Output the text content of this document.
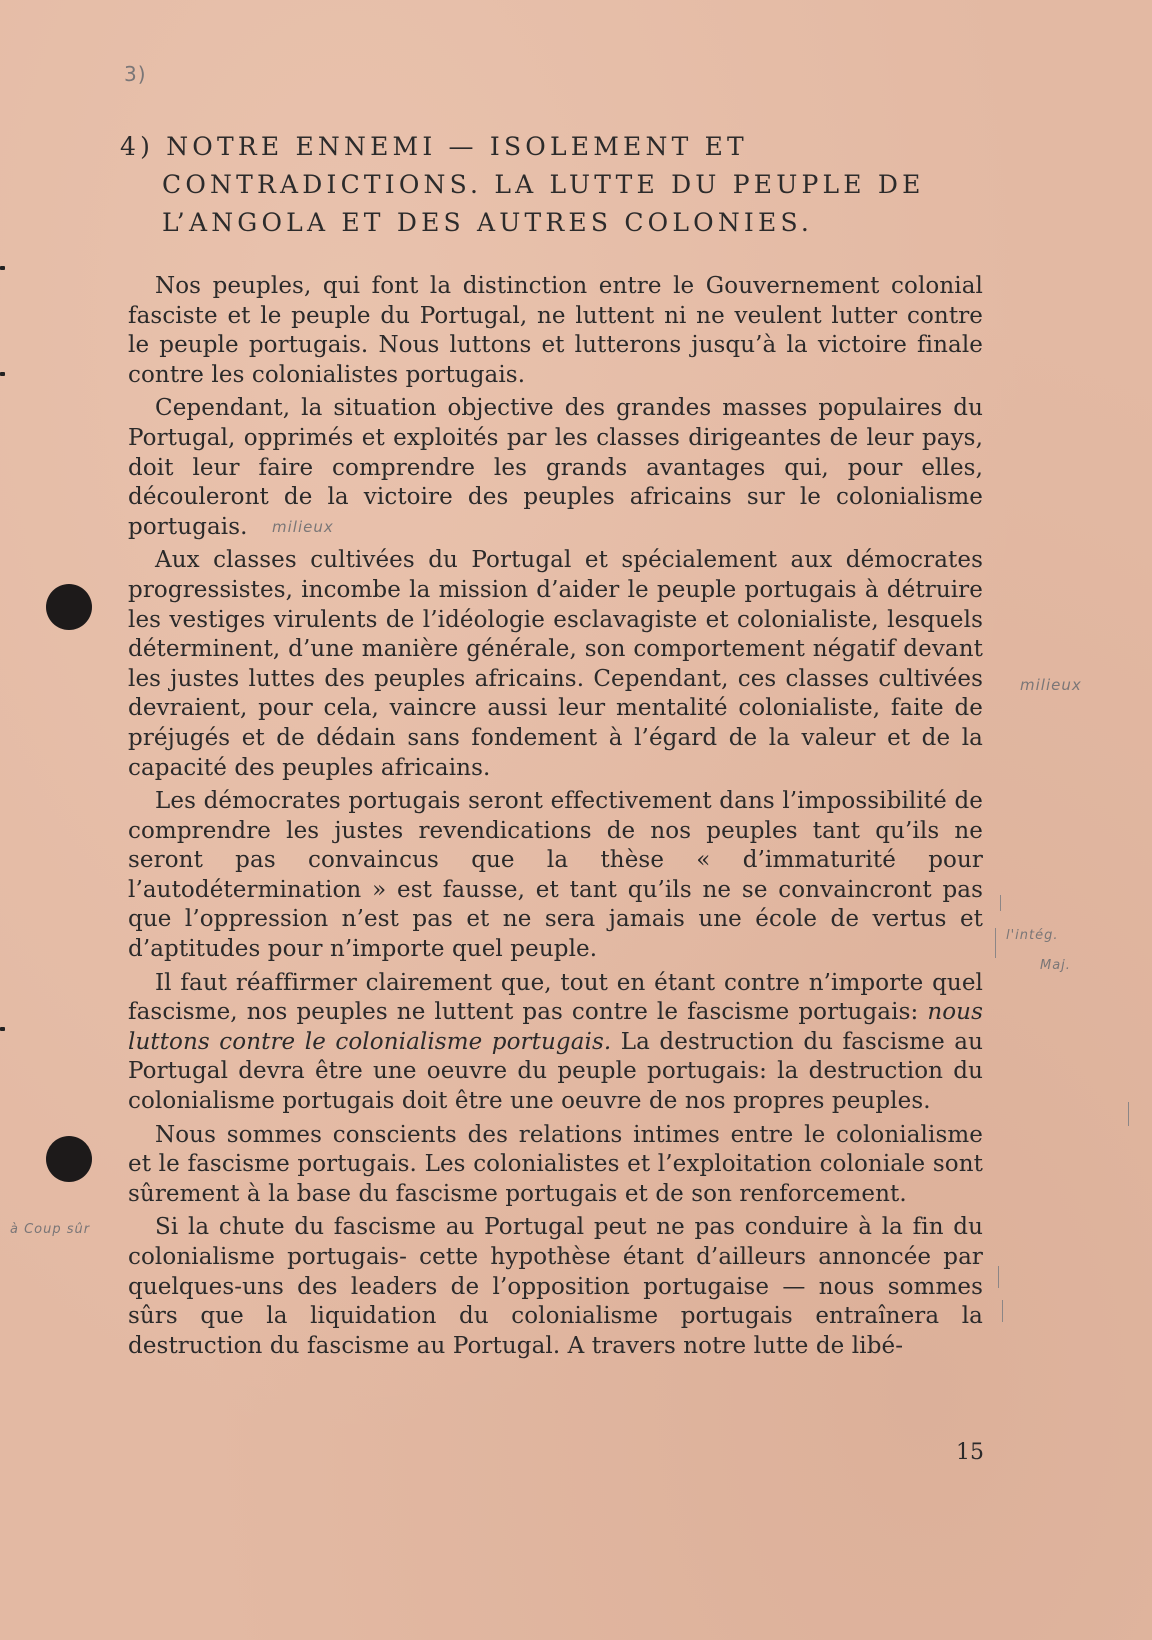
3)
4) NOTRE ENNEMI — ISOLEMENT ET
CONTRADICTIONS. LA LUTTE DU PEUPLE DE
L’ANGOLA ET DES AUTRES COLONIES.

Nos peuples, qui font la distinction entre le Gouvernement colonial fasciste et le peuple du Portugal, ne luttent ni ne veulent lutter contre le peuple portugais. Nous luttons et lutterons jusqu’à la victoire finale contre les colonialistes portugais.

Cependant, la situation objective des grandes masses populaires du Portugal, opprimés et exploités par les classes dirigeantes de leur pays, doit leur faire comprendre les grands avantages qui, pour elles, découleront de la victoire des peuples africains sur le colonialisme portugais.

Aux classes cultivées du Portugal et spécialement aux démocrates progressistes, incombe la mission d’aider le peuple portugais à détruire les vestiges virulents de l’idéologie esclavagiste et colonialiste, lesquels déterminent, d’une manière générale, son comportement négatif devant les justes luttes des peuples africains. Cependant, ces classes cultivées devraient, pour cela, vaincre aussi leur mentalité colonialiste, faite de préjugés et de dédain sans fondement à l’égard de la valeur et de la capacité des peuples africains.

Les démocrates portugais seront effectivement dans l’impossibilité de comprendre les justes revendications de nos peuples tant qu’ils ne seront pas convaincus que la thèse « d’immaturité pour l’autodétermination » est fausse, et tant qu’ils ne se convaincront pas que l’oppression n’est pas et ne sera jamais une école de vertus et d’aptitudes pour n’importe quel peuple.

Il faut réaffirmer clairement que, tout en étant contre n’importe quel fascisme, nos peuples ne luttent pas contre le fascisme portugais: nous luttons contre le colonialisme portugais. La destruction du fascisme au Portugal devra être une oeuvre du peuple portugais: la destruction du colonialisme portugais doit être une oeuvre de nos propres peuples.

Nous sommes conscients des relations intimes entre le colonialisme et le fascisme portugais. Les colonialistes et l’exploitation coloniale sont sûrement à la base du fascisme portugais et de son renforcement.

Si la chute du fascisme au Portugal peut ne pas conduire à la fin du colonialisme portugais- cette hypothèse étant d’ailleurs annoncée par quelques-uns des leaders de l’opposition portugaise — nous sommes sûrs que la liquidation du colonialisme portugais entraînera la destruction du fascisme au Portugal. A travers notre lutte de libé-

milieux
milieux
l'intég.
Maj.
à Coup sûr
15
